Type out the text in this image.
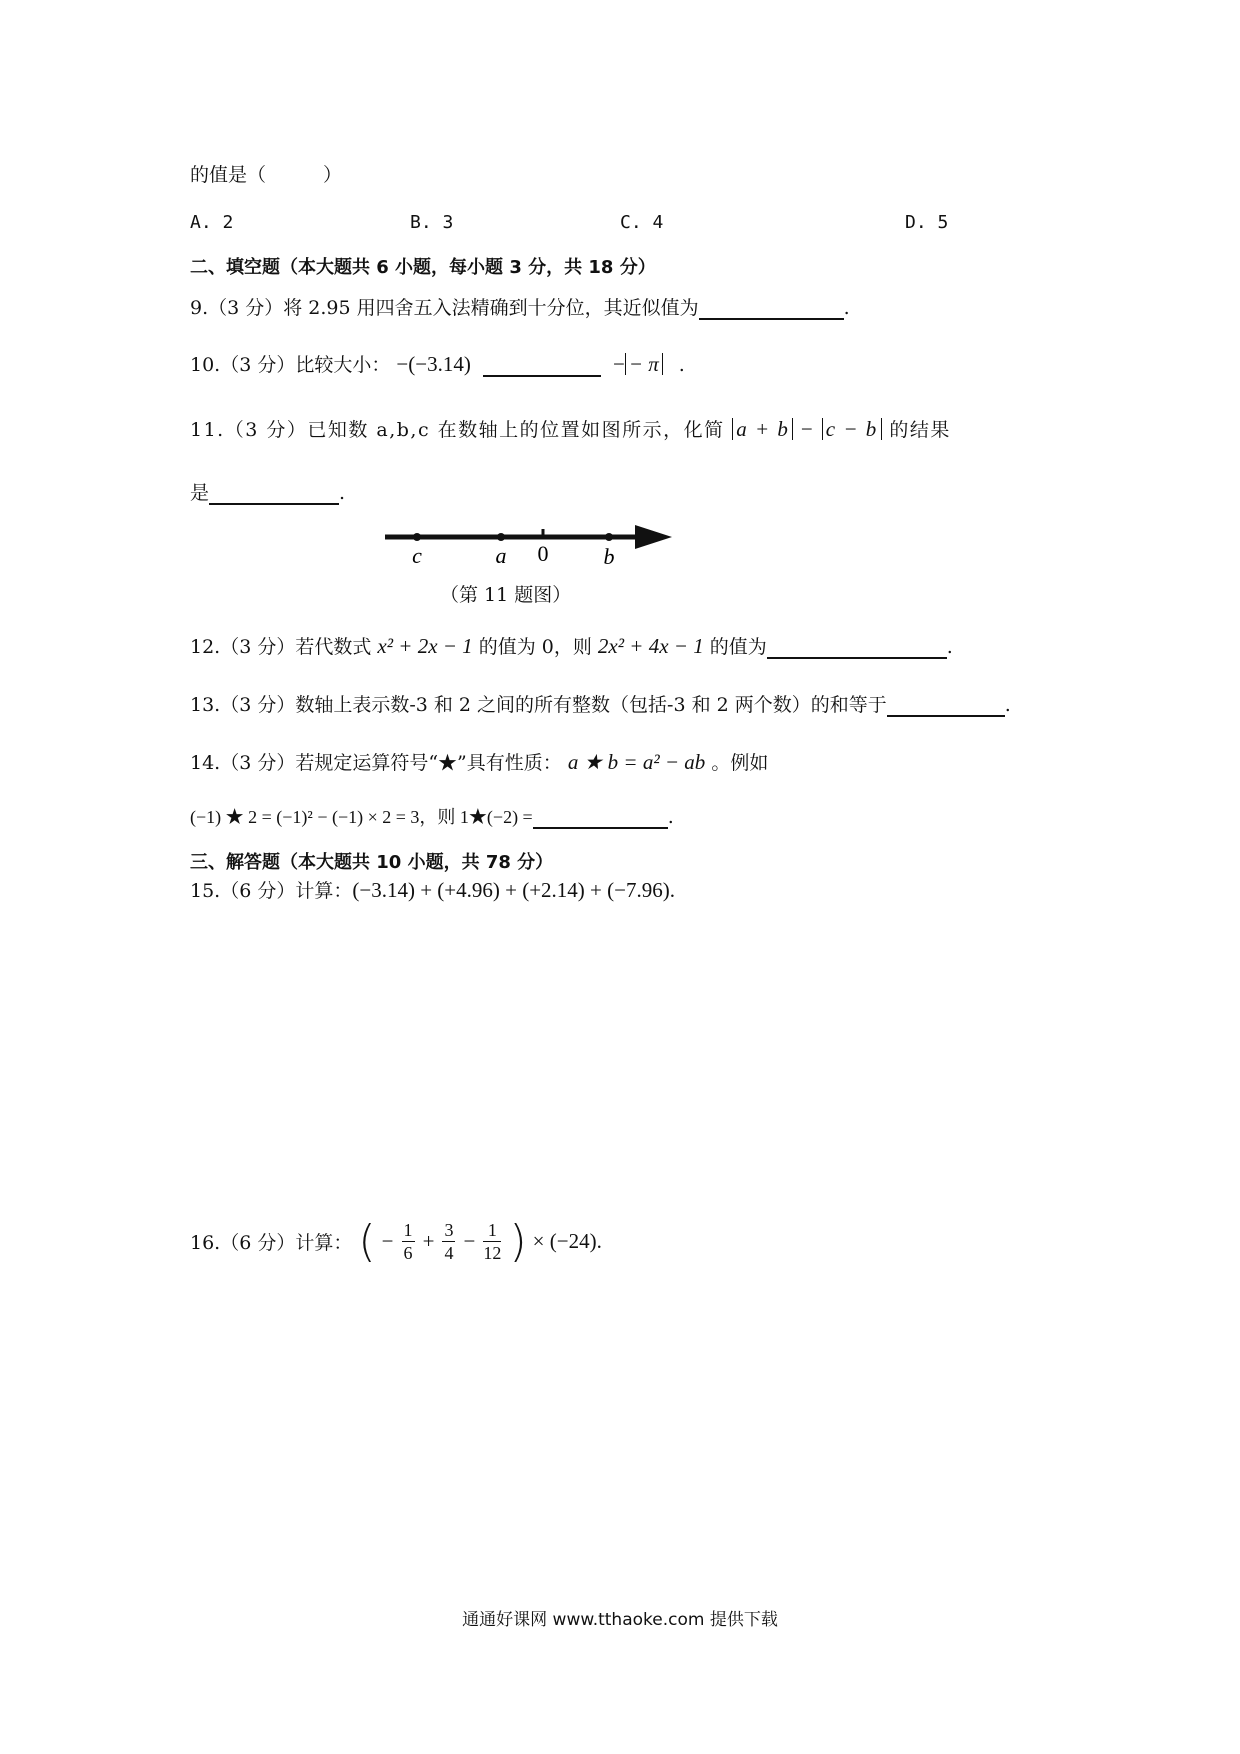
的值是（　　　）
A. 2	B. 3	C. 4	D. 5
二、填空题（本大题共 6 小题，每小题 3 分，共 18 分）
9.（3 分）将 2.95 用四舍五入法精确到十分位，其近似值为	.
10.（3 分）比较大小： −(−3.14)	− − π .
11.（3 分）已知数 a,b,c 在数轴上的位置如图所示，化简 a + b − c − b 的结果
是	.
c	a 0	b
（第 11 题图）
12.（3 分）若代数式 x² + 2x − 1 的值为 0，则 2x² + 4x − 1 的值为	.
13.（3 分）数轴上表示数-3 和 2 之间的所有整数（包括-3 和 2 两个数）的和等于	.
14.（3 分）若规定运算符号“★”具有性质： a ★ b = a² − ab 。例如
(−1) ★ 2 = (−1)² − (−1) × 2 = 3，则 1★(−2) =	.
三、解答题（本大题共 10 小题，共 78 分）
15.（6 分）计算：(−3.14) + (+4.96) + (+2.14) + (−7.96).
16.（6 分）计算： ( − $\frac{1}{6} + \frac{3}{4} - \frac{1}{12}$ ) × (−24).
通通好课网 www.tthaoke.com 提供下载
